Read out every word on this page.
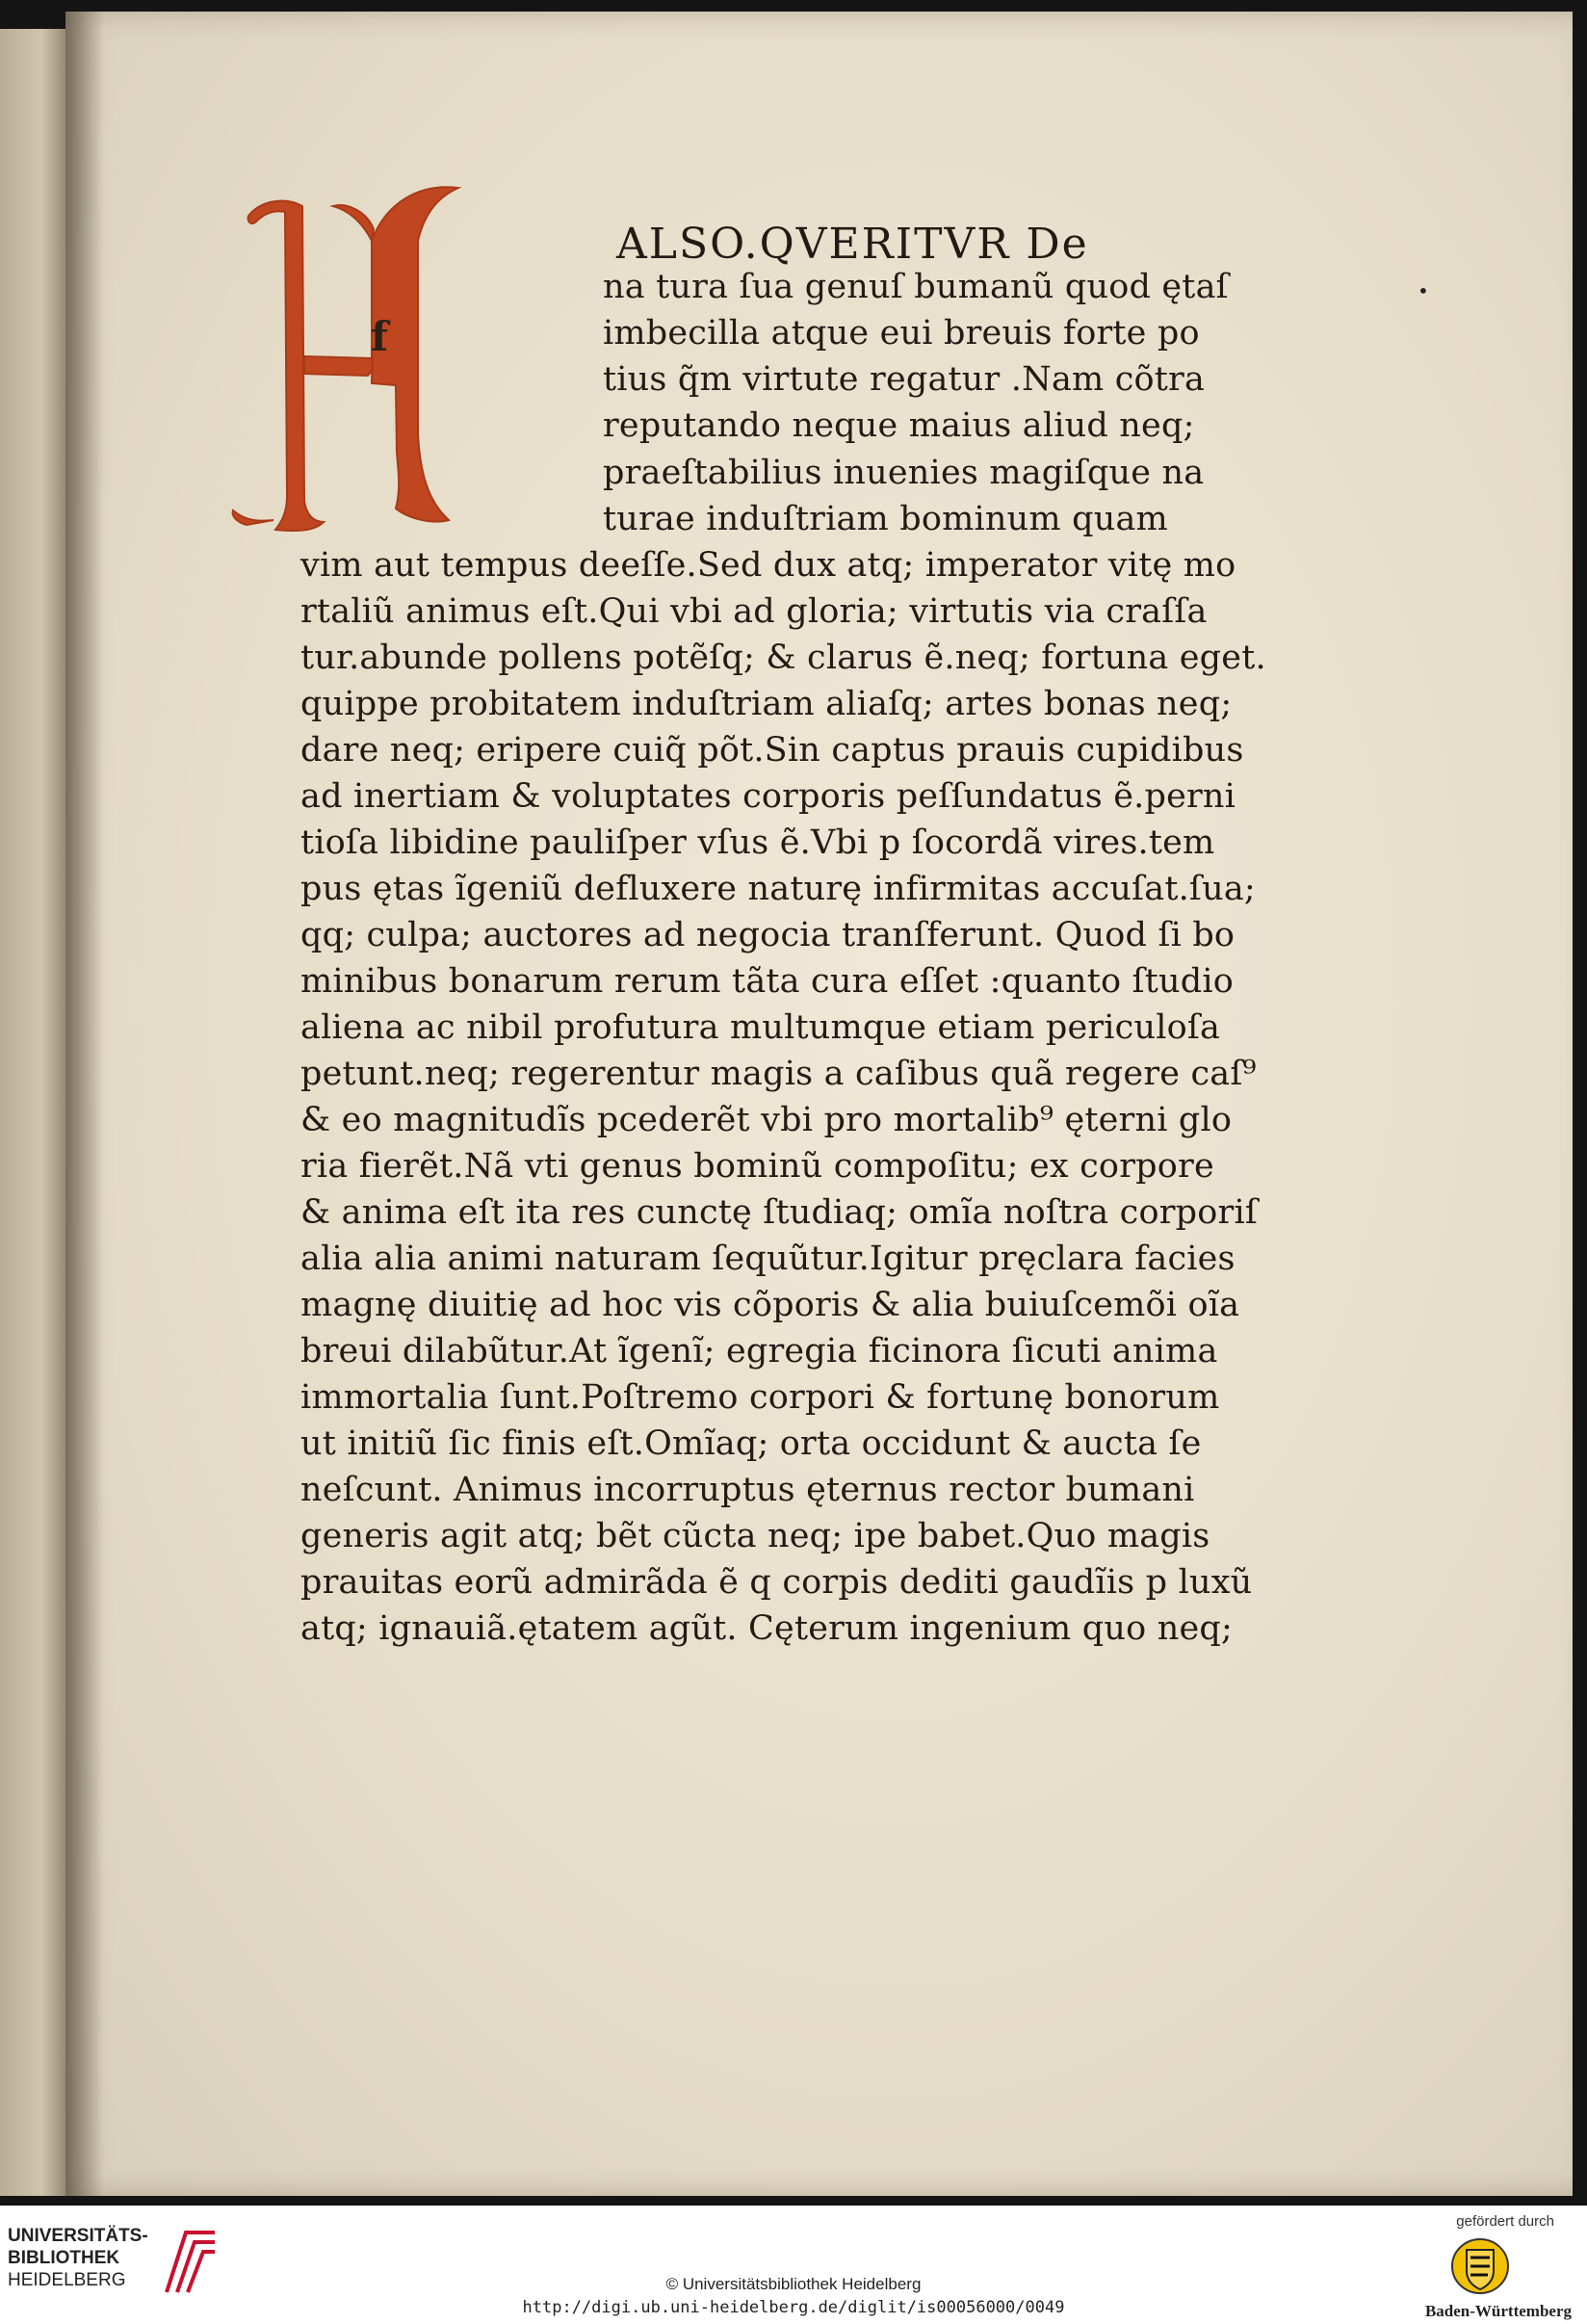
f
ALSO.QVERITVR De
na tura ſua genuſ bumanũ quod ętaſ
imbecilla atque eui breuis forte po
tius q̃m virtute regatur .Nam cõtra
reputando neque maius aliud neq;
praeſtabilius inuenies magiſque na
turae induſtriam bominum quam
vim aut tempus deeſſe.Sed dux atq; imperator vitę mo
rtaliũ animus eſt.Qui vbi ad gloria; virtutis via craſſa
tur.abunde pollens potẽſq; & clarus ẽ.neq; fortuna eget.
quippe probitatem induſtriam aliaſq; artes bonas neq;
dare neq; eripere cuiq̃ põt.Sin captus prauis cupidibus
ad inertiam & voluptates corporis peſſundatus ẽ.perni
tioſa libidine pauliſper vſus ẽ.Vbi p ſocordã vires.tem
pus ętas ĩgeniũ defluxere naturę infirmitas accuſat.ſua;
qq; culpa; auctores ad negocia tranſferunt. Quod ſi bo
minibus bonarum rerum tãta cura eſſet :quanto ſtudio
aliena ac nibil profutura multumque etiam periculoſa
petunt.neq; regerentur magis a caſibus quã regere caſ⁹
& eo magnitudĩs pcederẽt vbi pro mortalib⁹ ęterni glo
ria fierẽt.Nã vti genus bominũ compoſitu; ex corpore
& anima eſt ita res cunctę ſtudiaq; omĩa noſtra corporiſ
alia alia animi naturam ſequũtur.Igitur pręclara facies
magnę diuitię ad hoc vis cõporis & alia buiuſcemõi oĩa
breui dilabũtur.At ĩgenĩ; egregia ficinora ſicuti anima
immortalia ſunt.Poſtremo corpori & fortunę bonorum
ut initiũ ſic finis eſt.Omĩaq; orta occidunt & aucta ſe
neſcunt. Animus incorruptus ęternus rector bumani
generis agit atq; bẽt cũcta neq; ipe babet.Quo magis
prauitas eorũ admirãda ẽ q corpis dediti gaudĩis p luxũ
atq; ignauiã.ętatem agũt. Cęterum ingenium quo neq;
•
UNIVERSITÄTS-
BIBLIOTHEK
HEIDELBERG	© Universitätsbibliothek Heidelberg
http://digi.ub.uni-heidelberg.de/diglit/is00056000/0049
gefördert durch
Baden-Württemberg
